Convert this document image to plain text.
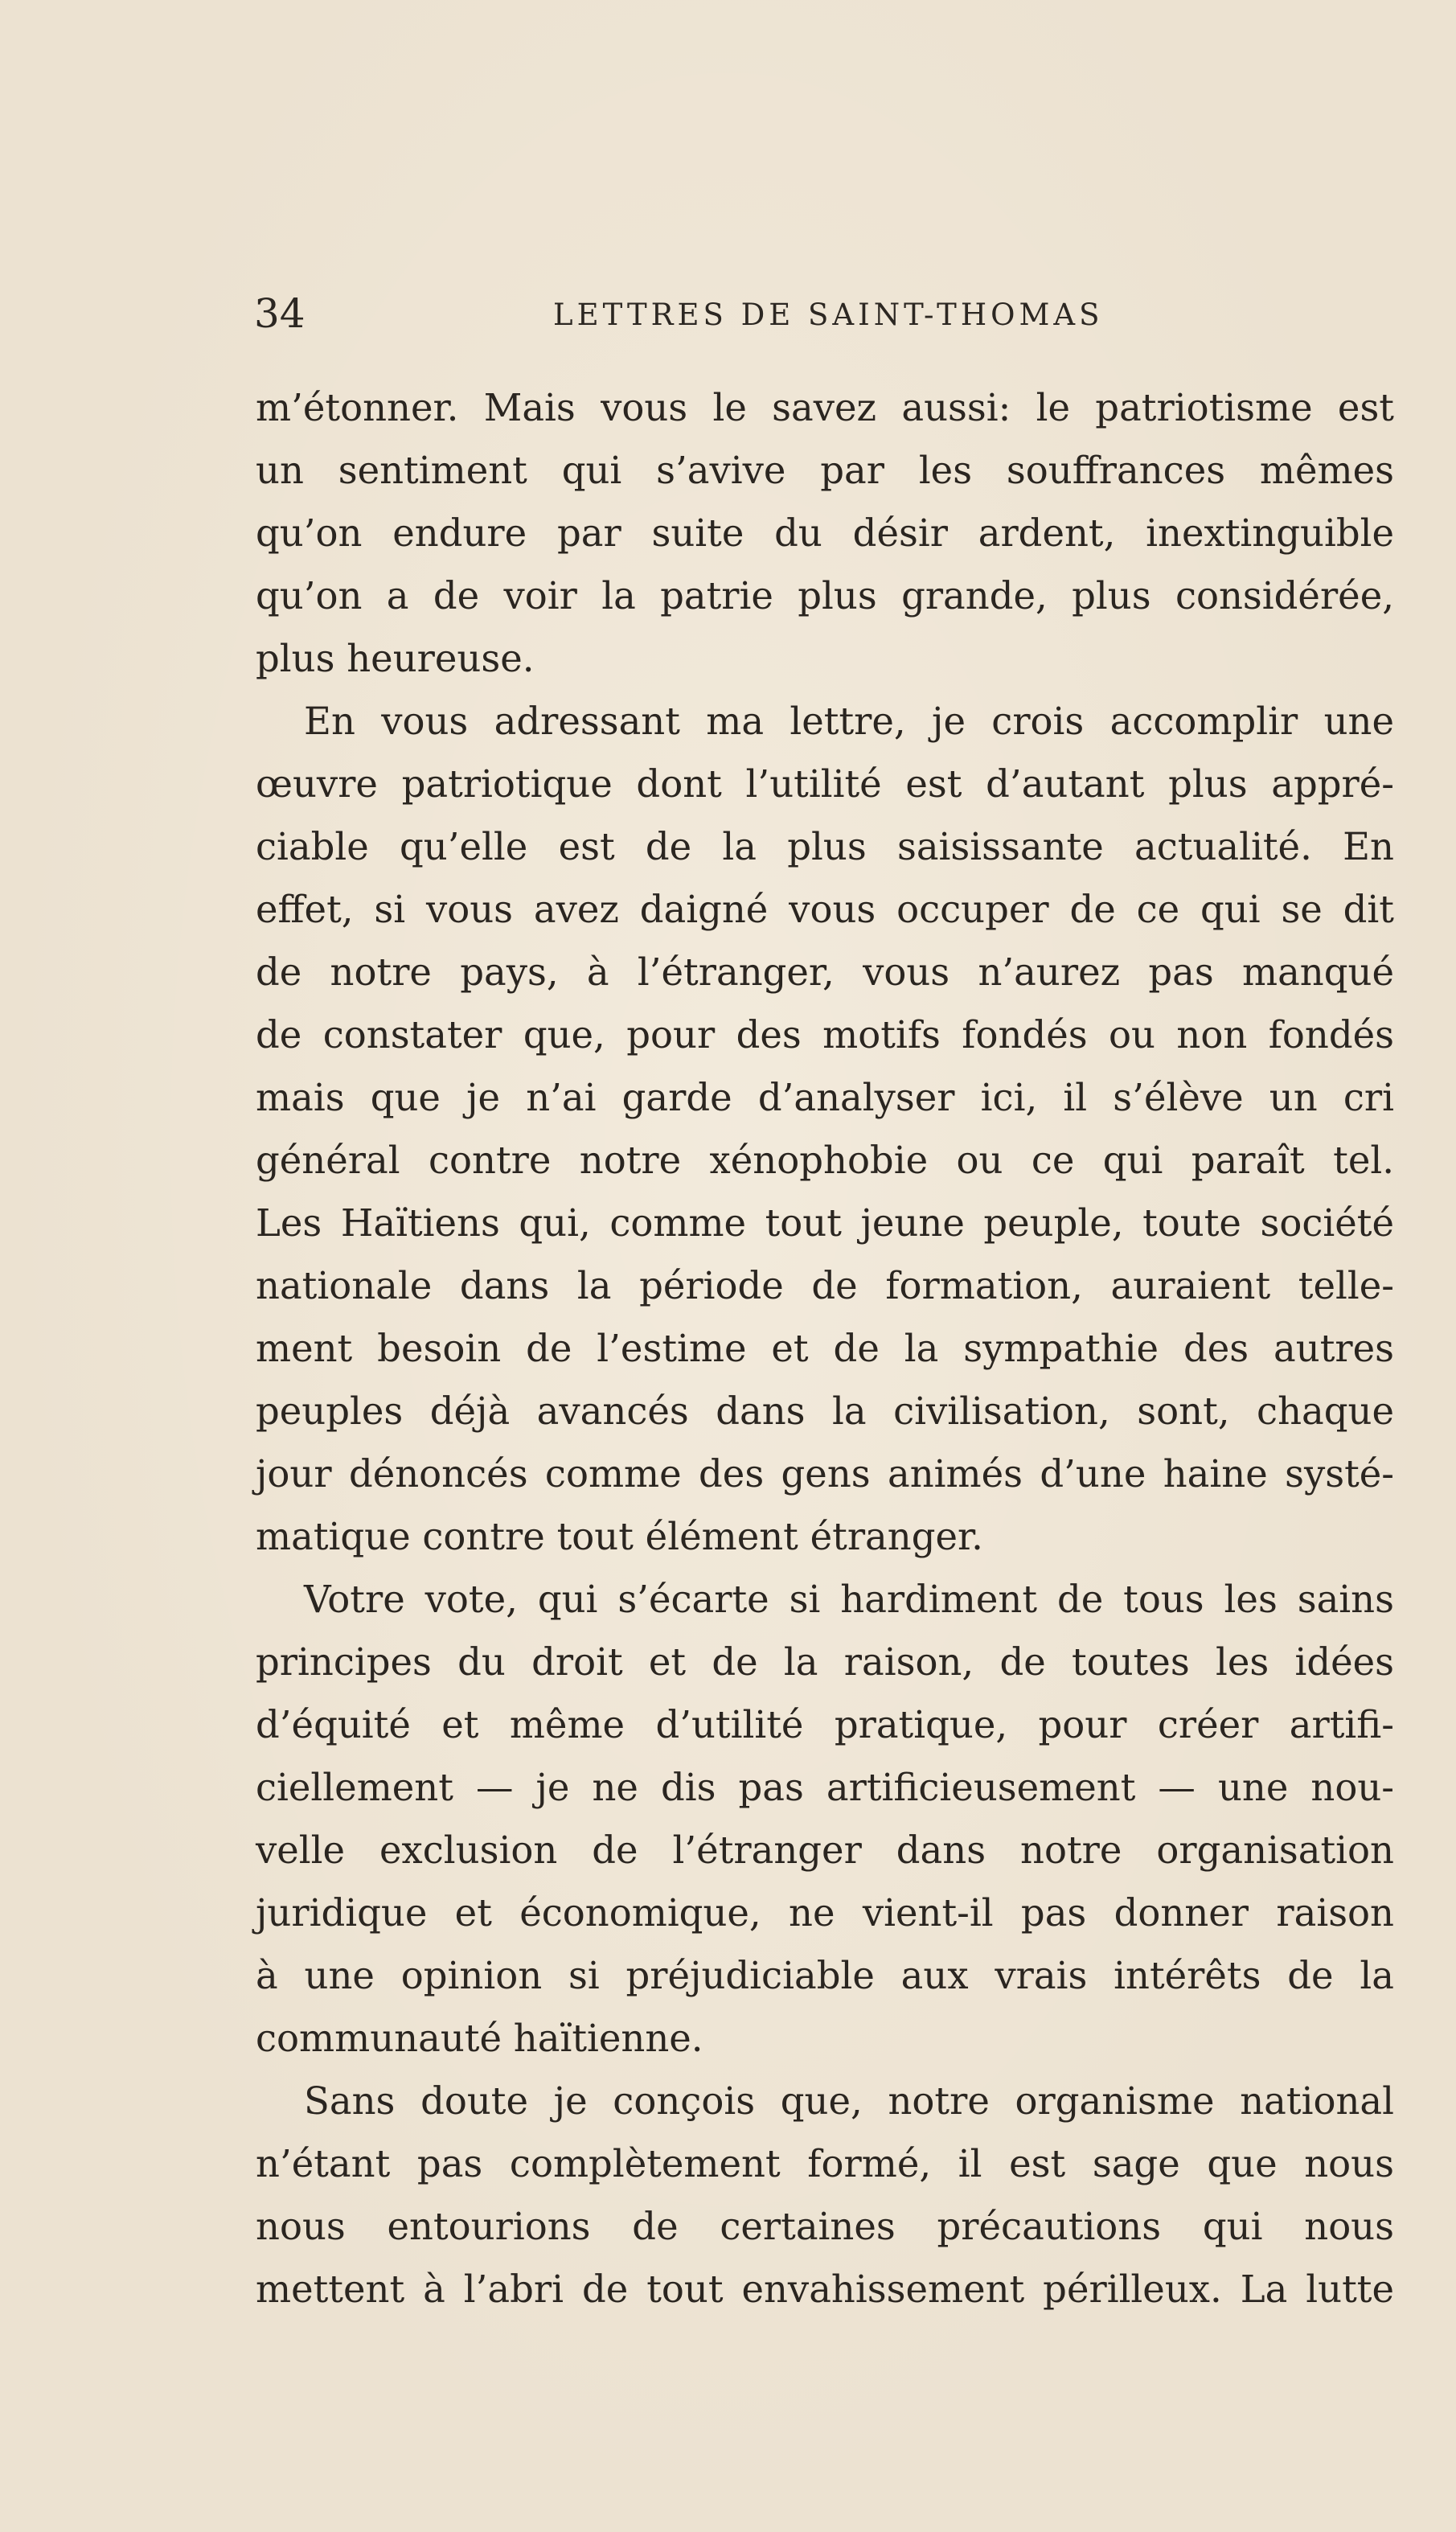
34	LETTRES DE SAINT-THOMAS
m’étonner. Mais vous le savez aussi: le patriotisme est
un sentiment qui s’avive par les souffrances mêmes
qu’on endure par suite du désir ardent, inextinguible
qu’on a de voir la patrie plus grande, plus considérée,
plus heureuse.
En vous adressant ma lettre, je crois accomplir une
œuvre patriotique dont l’utilité est d’autant plus appré-
ciable qu’elle est de la plus saisissante actualité. En
effet, si vous avez daigné vous occuper de ce qui se dit
de notre pays, à l’étranger, vous n’aurez pas manqué
de constater que, pour des motifs fondés ou non fondés
mais que je n’ai garde d’analyser ici, il s’élève un cri
général contre notre xénophobie ou ce qui paraît tel.
Les Haïtiens qui, comme tout jeune peuple, toute société
nationale dans la période de formation, auraient telle-
ment besoin de l’estime et de la sympathie des autres
peuples déjà avancés dans la civilisation, sont, chaque
jour dénoncés comme des gens animés d’une haine systé-
matique contre tout élément étranger.
Votre vote, qui s’écarte si hardiment de tous les sains
principes du droit et de la raison, de toutes les idées
d’équité et même d’utilité pratique, pour créer artifi-
ciellement — je ne dis pas artificieusement — une nou-
velle exclusion de l’étranger dans notre organisation
juridique et économique, ne vient-il pas donner raison
à une opinion si préjudiciable aux vrais intérêts de la
communauté haïtienne.
Sans doute je conçois que, notre organisme national
n’étant pas complètement formé, il est sage que nous
nous entourions de certaines précautions qui nous
mettent à l’abri de tout envahissement périlleux. La lutte
